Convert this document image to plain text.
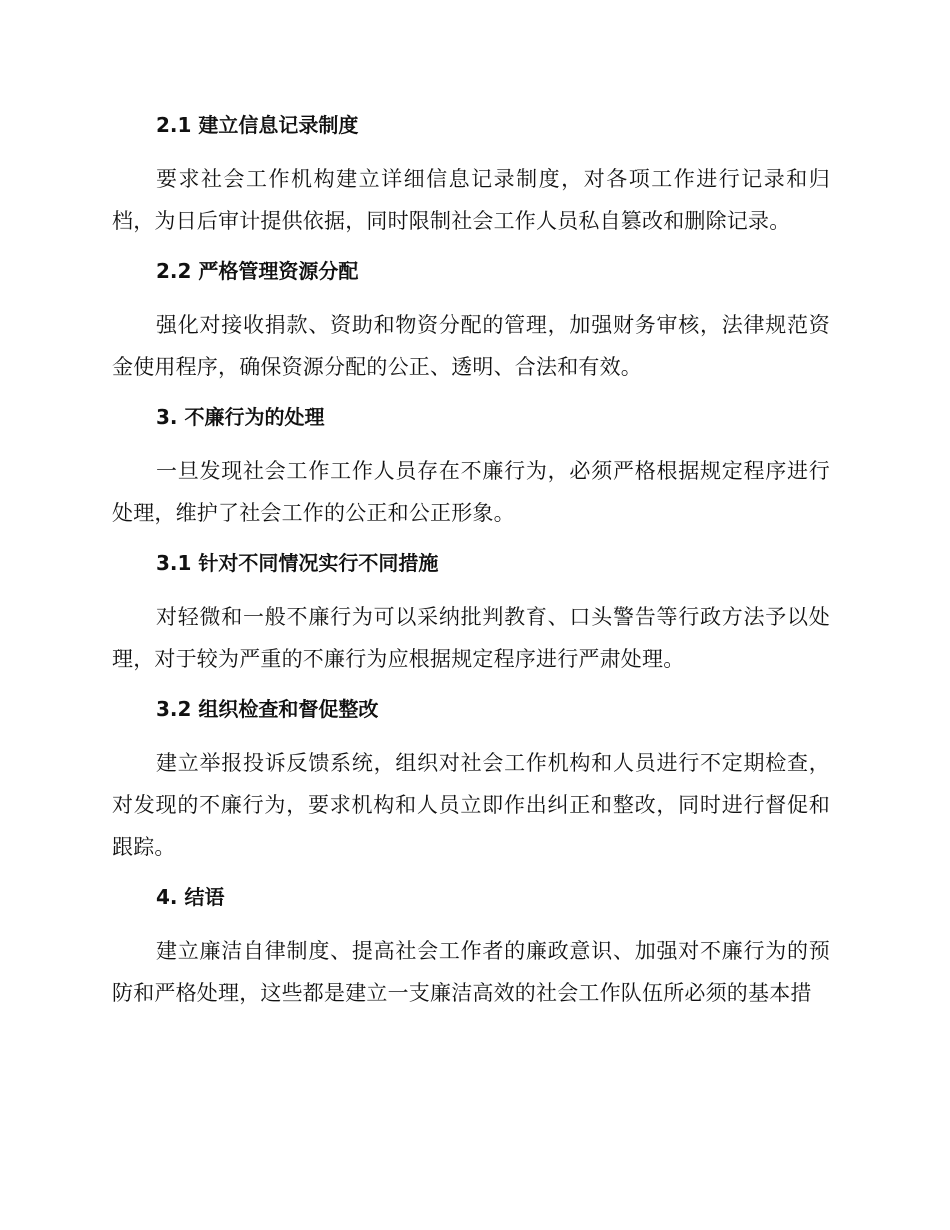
2.1 建立信息记录制度

要求社会工作机构建立详细信息记录制度，对各项工作进行记录和归档，为日后审计提供依据，同时限制社会工作人员私自篡改和删除记录。

2.2 严格管理资源分配

强化对接收捐款、资助和物资分配的管理，加强财务审核，法律规范资金使用程序，确保资源分配的公正、透明、合法和有效。

3. 不廉行为的处理

一旦发现社会工作工作人员存在不廉行为，必须严格根据规定程序进行处理，维护了社会工作的公正和公正形象。

3.1 针对不同情况实行不同措施

对轻微和一般不廉行为可以采纳批判教育、口头警告等行政方法予以处理，对于较为严重的不廉行为应根据规定程序进行严肃处理。

3.2 组织检查和督促整改

建立举报投诉反馈系统，组织对社会工作机构和人员进行不定期检查，对发现的不廉行为，要求机构和人员立即作出纠正和整改，同时进行督促和跟踪。

4. 结语

建立廉洁自律制度、提高社会工作者的廉政意识、加强对不廉行为的预防和严格处理，这些都是建立一支廉洁高效的社会工作队伍所必须的基本措
